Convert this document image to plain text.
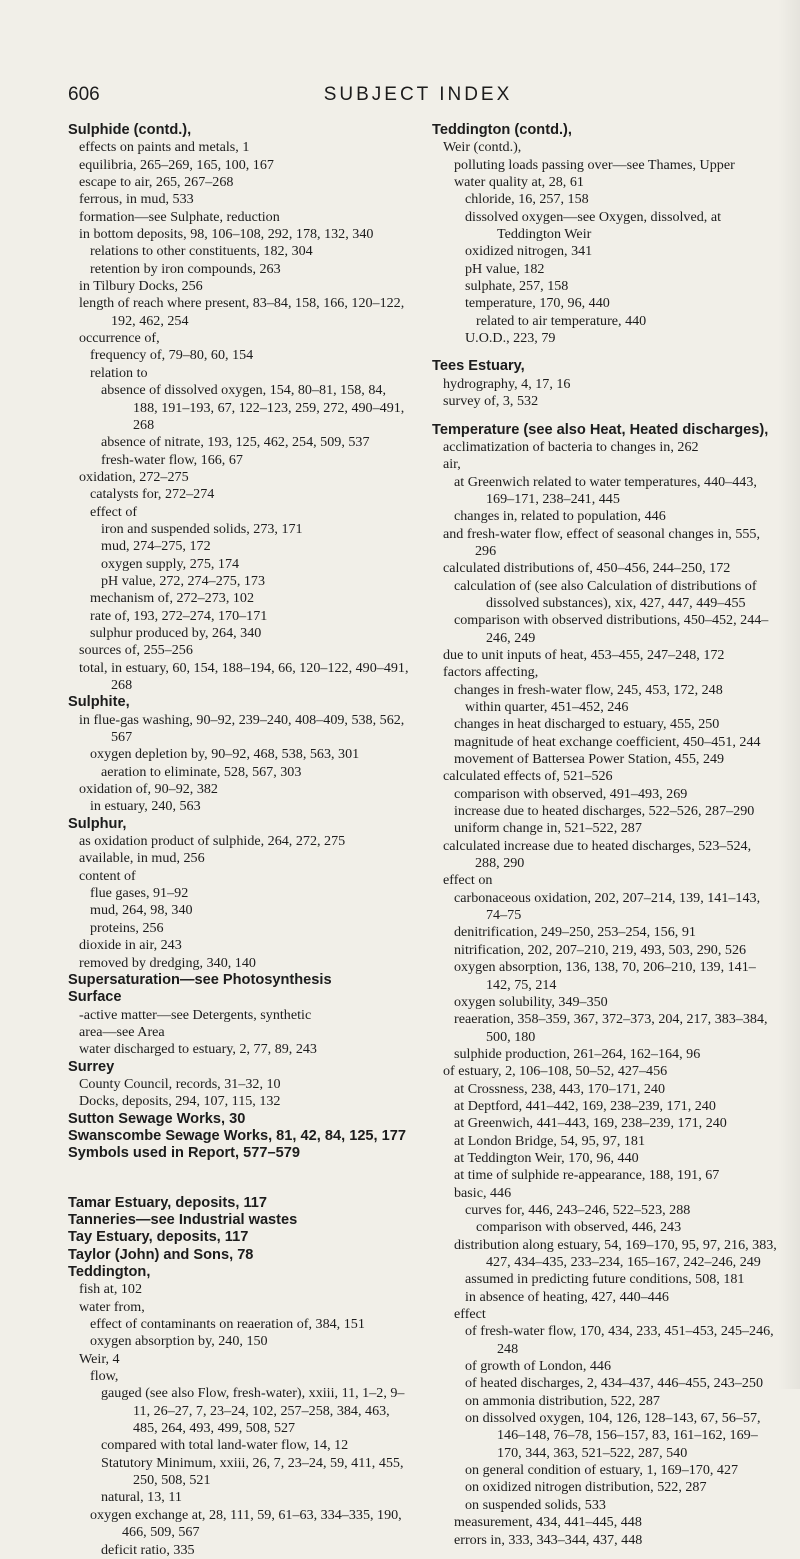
606	SUBJECT INDEX

Sulphide (contd.),

effects on paints and metals, 1

equilibria, 265–269, 165, 100, 167

escape to air, 265, 267–268

ferrous, in mud, 533

formation—see Sulphate, reduction

in bottom deposits, 98, 106–108, 292, 178, 132, 340

relations to other constituents, 182, 304

retention by iron compounds, 263

in Tilbury Docks, 256

length of reach where present, 83–84, 158, 166, 120–122, 192, 462, 254

occurrence of,

frequency of, 79–80, 60, 154

relation to

absence of dissolved oxygen, 154, 80–81, 158, 84, 188, 191–193, 67, 122–123, 259, 272, 490–491, 268

absence of nitrate, 193, 125, 462, 254, 509, 537

fresh-water flow, 166, 67

oxidation, 272–275

catalysts for, 272–274

effect of

iron and suspended solids, 273, 171

mud, 274–275, 172

oxygen supply, 275, 174

pH value, 272, 274–275, 173

mechanism of, 272–273, 102

rate of, 193, 272–274, 170–171

sulphur produced by, 264, 340

sources of, 255–256

total, in estuary, 60, 154, 188–194, 66, 120–122, 490–491, 268

Sulphite,

in flue-gas washing, 90–92, 239–240, 408–409, 538, 562, 567

oxygen depletion by, 90–92, 468, 538, 563, 301

aeration to eliminate, 528, 567, 303

oxidation of, 90–92, 382

in estuary, 240, 563

Sulphur,

as oxidation product of sulphide, 264, 272, 275

available, in mud, 256

content of

flue gases, 91–92

mud, 264, 98, 340

proteins, 256

dioxide in air, 243

removed by dredging, 340, 140

Supersaturation—see Photosynthesis

Surface

-active matter—see Detergents, synthetic

area—see Area

water discharged to estuary, 2, 77, 89, 243

Surrey

County Council, records, 31–32, 10

Docks, deposits, 294, 107, 115, 132

Sutton Sewage Works, 30

Swanscombe Sewage Works, 81, 42, 84, 125, 177

Symbols used in Report, 577–579

Tamar Estuary, deposits, 117

Tanneries—see Industrial wastes

Tay Estuary, deposits, 117

Taylor (John) and Sons, 78

Teddington,

fish at, 102

water from,

effect of contaminants on reaeration of, 384, 151

oxygen absorption by, 240, 150

Weir, 4

flow,

gauged (see also Flow, fresh-water), xxiii, 11, 1–2, 9–11, 26–27, 7, 23–24, 102, 257–258, 384, 463, 485, 264, 493, 499, 508, 527

compared with total land-water flow, 14, 12

Statutory Minimum, xxiii, 26, 7, 23–24, 59, 411, 455, 250, 508, 521

natural, 13, 11

oxygen exchange at, 28, 111, 59, 61–63, 334–335, 190, 466, 509, 567

deficit ratio, 335

Teddington (contd.),

Weir (contd.),

polluting loads passing over—see Thames, Upper

water quality at, 28, 61

chloride, 16, 257, 158

dissolved oxygen—see Oxygen, dissolved, at Teddington Weir

oxidized nitrogen, 341

pH value, 182

sulphate, 257, 158

temperature, 170, 96, 440

related to air temperature, 440

U.O.D., 223, 79

Tees Estuary,

hydrography, 4, 17, 16

survey of, 3, 532

Temperature (see also Heat, Heated discharges),

acclimatization of bacteria to changes in, 262

air,

at Greenwich related to water temperatures, 440–443, 169–171, 238–241, 445

changes in, related to population, 446

and fresh-water flow, effect of seasonal changes in, 555, 296

calculated distributions of, 450–456, 244–250, 172

calculation of (see also Calculation of distributions of dissolved substances), xix, 427, 447, 449–455

comparison with observed distributions, 450–452, 244–246, 249

due to unit inputs of heat, 453–455, 247–248, 172

factors affecting,

changes in fresh-water flow, 245, 453, 172, 248

within quarter, 451–452, 246

changes in heat discharged to estuary, 455, 250

magnitude of heat exchange coefficient, 450–451, 244

movement of Battersea Power Station, 455, 249

calculated effects of, 521–526

comparison with observed, 491–493, 269

increase due to heated discharges, 522–526, 287–290

uniform change in, 521–522, 287

calculated increase due to heated discharges, 523–524, 288, 290

effect on

carbonaceous oxidation, 202, 207–214, 139, 141–143, 74–75

denitrification, 249–250, 253–254, 156, 91

nitrification, 202, 207–210, 219, 493, 503, 290, 526

oxygen absorption, 136, 138, 70, 206–210, 139, 141–142, 75, 214

oxygen solubility, 349–350

reaeration, 358–359, 367, 372–373, 204, 217, 383–384, 500, 180

sulphide production, 261–264, 162–164, 96

of estuary, 2, 106–108, 50–52, 427–456

at Crossness, 238, 443, 170–171, 240

at Deptford, 441–442, 169, 238–239, 171, 240

at Greenwich, 441–443, 169, 238–239, 171, 240

at London Bridge, 54, 95, 97, 181

at Teddington Weir, 170, 96, 440

at time of sulphide re-appearance, 188, 191, 67

basic, 446

curves for, 446, 243–246, 522–523, 288

comparison with observed, 446, 243

distribution along estuary, 54, 169–170, 95, 97, 216, 383, 427, 434–435, 233–234, 165–167, 242–246, 249

assumed in predicting future conditions, 508, 181

in absence of heating, 427, 440–446

effect

of fresh-water flow, 170, 434, 233, 451–453, 245–246, 248

of growth of London, 446

of heated discharges, 2, 434–437, 446–455, 243–250

on ammonia distribution, 522, 287

on dissolved oxygen, 104, 126, 128–143, 67, 56–57, 146–148, 76–78, 156–157, 83, 161–162, 169–170, 344, 363, 521–522, 287, 540

on general condition of estuary, 1, 169–170, 427

on oxidized nitrogen distribution, 522, 287

on suspended solids, 533

measurement, 434, 441–445, 448

errors in, 333, 343–344, 437, 448
